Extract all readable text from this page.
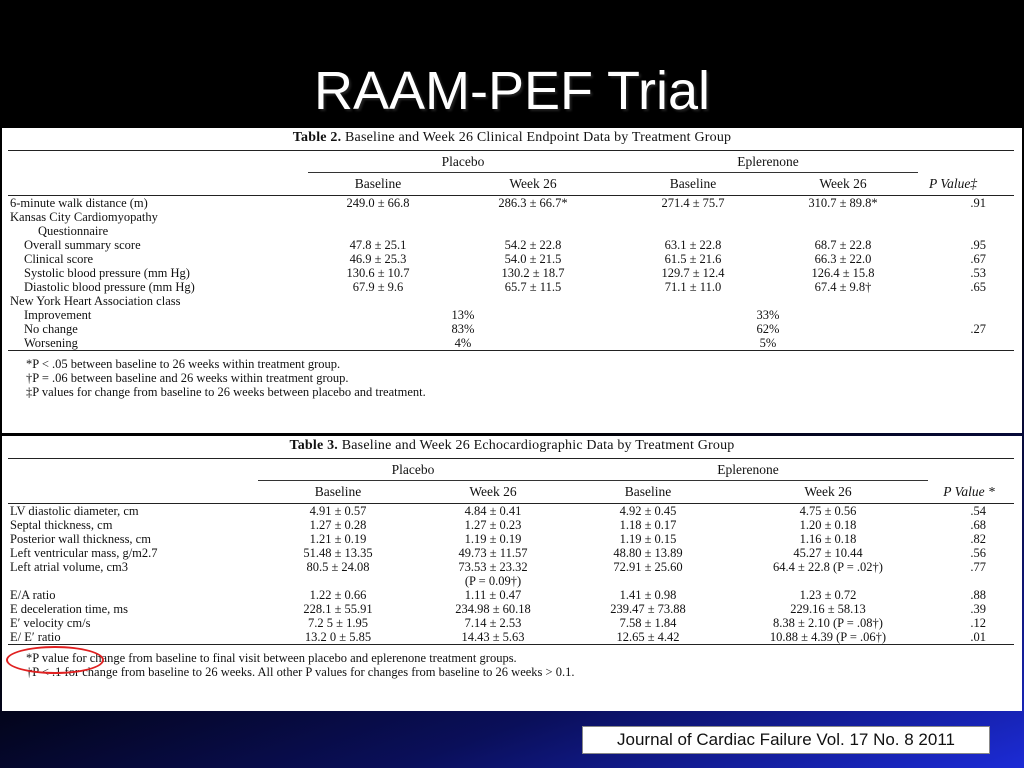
RAAM-PEF Trial
Table 2. Baseline and Week 26 Clinical Endpoint Data by Treatment Group
	Placebo		Eplerenone		
	Baseline	Week 26	Baseline	Week 26	P Value‡
6-minute walk distance (m)	249.0 ± 66.8	286.3 ± 66.7*	271.4 ± 75.7	310.7 ± 89.8*	.91
Kansas City Cardiomyopathy					
Questionnaire					
Overall summary score	47.8 ± 25.1	54.2 ± 22.8	63.1 ± 22.8	68.7 ± 22.8	.95
Clinical score	46.9 ± 25.3	54.0 ± 21.5	61.5 ± 21.6	66.3 ± 22.0	.67
Systolic blood pressure (mm Hg)	130.6 ± 10.7	130.2 ± 18.7	129.7 ± 12.4	126.4 ± 15.8	.53
Diastolic blood pressure (mm Hg)	67.9 ± 9.6	65.7 ± 11.5	71.1 ± 11.0	67.4 ± 9.8†	.65
New York Heart Association class					
Improvement	13%		33%		
No change	83%		62%		.27
Worsening	4%		5%		
*P < .05 between baseline to 26 weeks within treatment group.
†P = .06 between baseline and 26 weeks within treatment group.
‡P values for change from baseline to 26 weeks between placebo and treatment.
Table 3. Baseline and Week 26 Echocardiographic Data by Treatment Group
	Placebo		Eplerenone		
	Baseline	Week 26	Baseline	Week 26	P Value *
LV diastolic diameter, cm	4.91 ± 0.57	4.84 ± 0.41	4.92 ± 0.45	4.75 ± 0.56	.54
Septal thickness, cm	1.27 ± 0.28	1.27 ± 0.23	1.18 ± 0.17	1.20 ± 0.18	.68
Posterior wall thickness, cm	1.21 ± 0.19	1.19 ± 0.19	1.19 ± 0.15	1.16 ± 0.18	.82
Left ventricular mass, g/m2.7	51.48 ± 13.35	49.73 ± 11.57	48.80 ± 13.89	45.27 ± 10.44	.56
Left atrial volume, cm3	80.5 ± 24.08	73.53 ± 23.32	72.91 ± 25.60	64.4 ± 22.8 (P = .02†)	.77
		(P = 0.09†)			
E/A ratio	1.22 ± 0.66	1.11 ± 0.47	1.41 ± 0.98	1.23 ± 0.72	.88
E deceleration time, ms	228.1 ± 55.91	234.98 ± 60.18	239.47 ± 73.88	229.16 ± 58.13	.39
E′ velocity cm/s	7.2 5 ± 1.95	7.14 ± 2.53	7.58 ± 1.84	8.38 ± 2.10 (P = .08†)	.12
E/ E′ ratio	13.2 0 ± 5.85	14.43 ± 5.63	12.65 ± 4.42	10.88 ± 4.39 (P = .06†)	.01
*P value for change from baseline to final visit between placebo and eplerenone treatment groups.
†P < .1 for change from baseline to 26 weeks. All other P values for changes from baseline to 26 weeks > 0.1.
Journal of Cardiac Failure Vol. 17 No. 8 2011
